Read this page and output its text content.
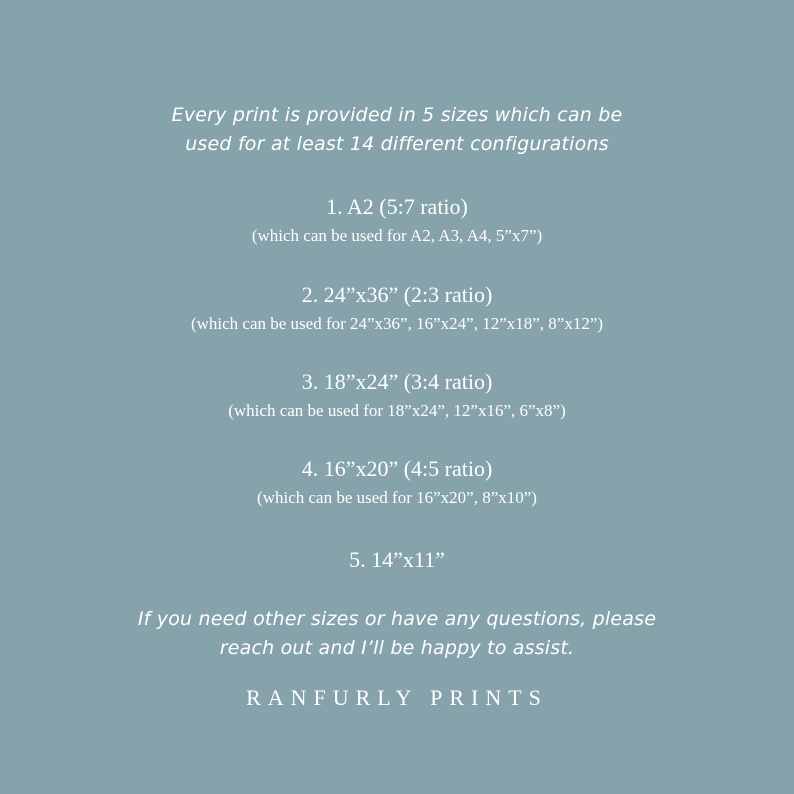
Every print is provided in 5 sizes which can be
used for at least 14 different configurations
1. A2 (5:7 ratio)
(which can be used for A2, A3, A4, 5”x7”)
2. 24”x36” (2:3 ratio)
(which can be used for 24”x36”, 16”x24”, 12”x18”, 8”x12”)
3. 18”x24” (3:4 ratio)
(which can be used for 18”x24”, 12”x16”, 6”x8”)
4. 16”x20” (4:5 ratio)
(which can be used for 16”x20”, 8”x10”)
5. 14”x11”
If you need other sizes or have any questions, please
reach out and I’ll be happy to assist.
RANFURLY PRINTS
